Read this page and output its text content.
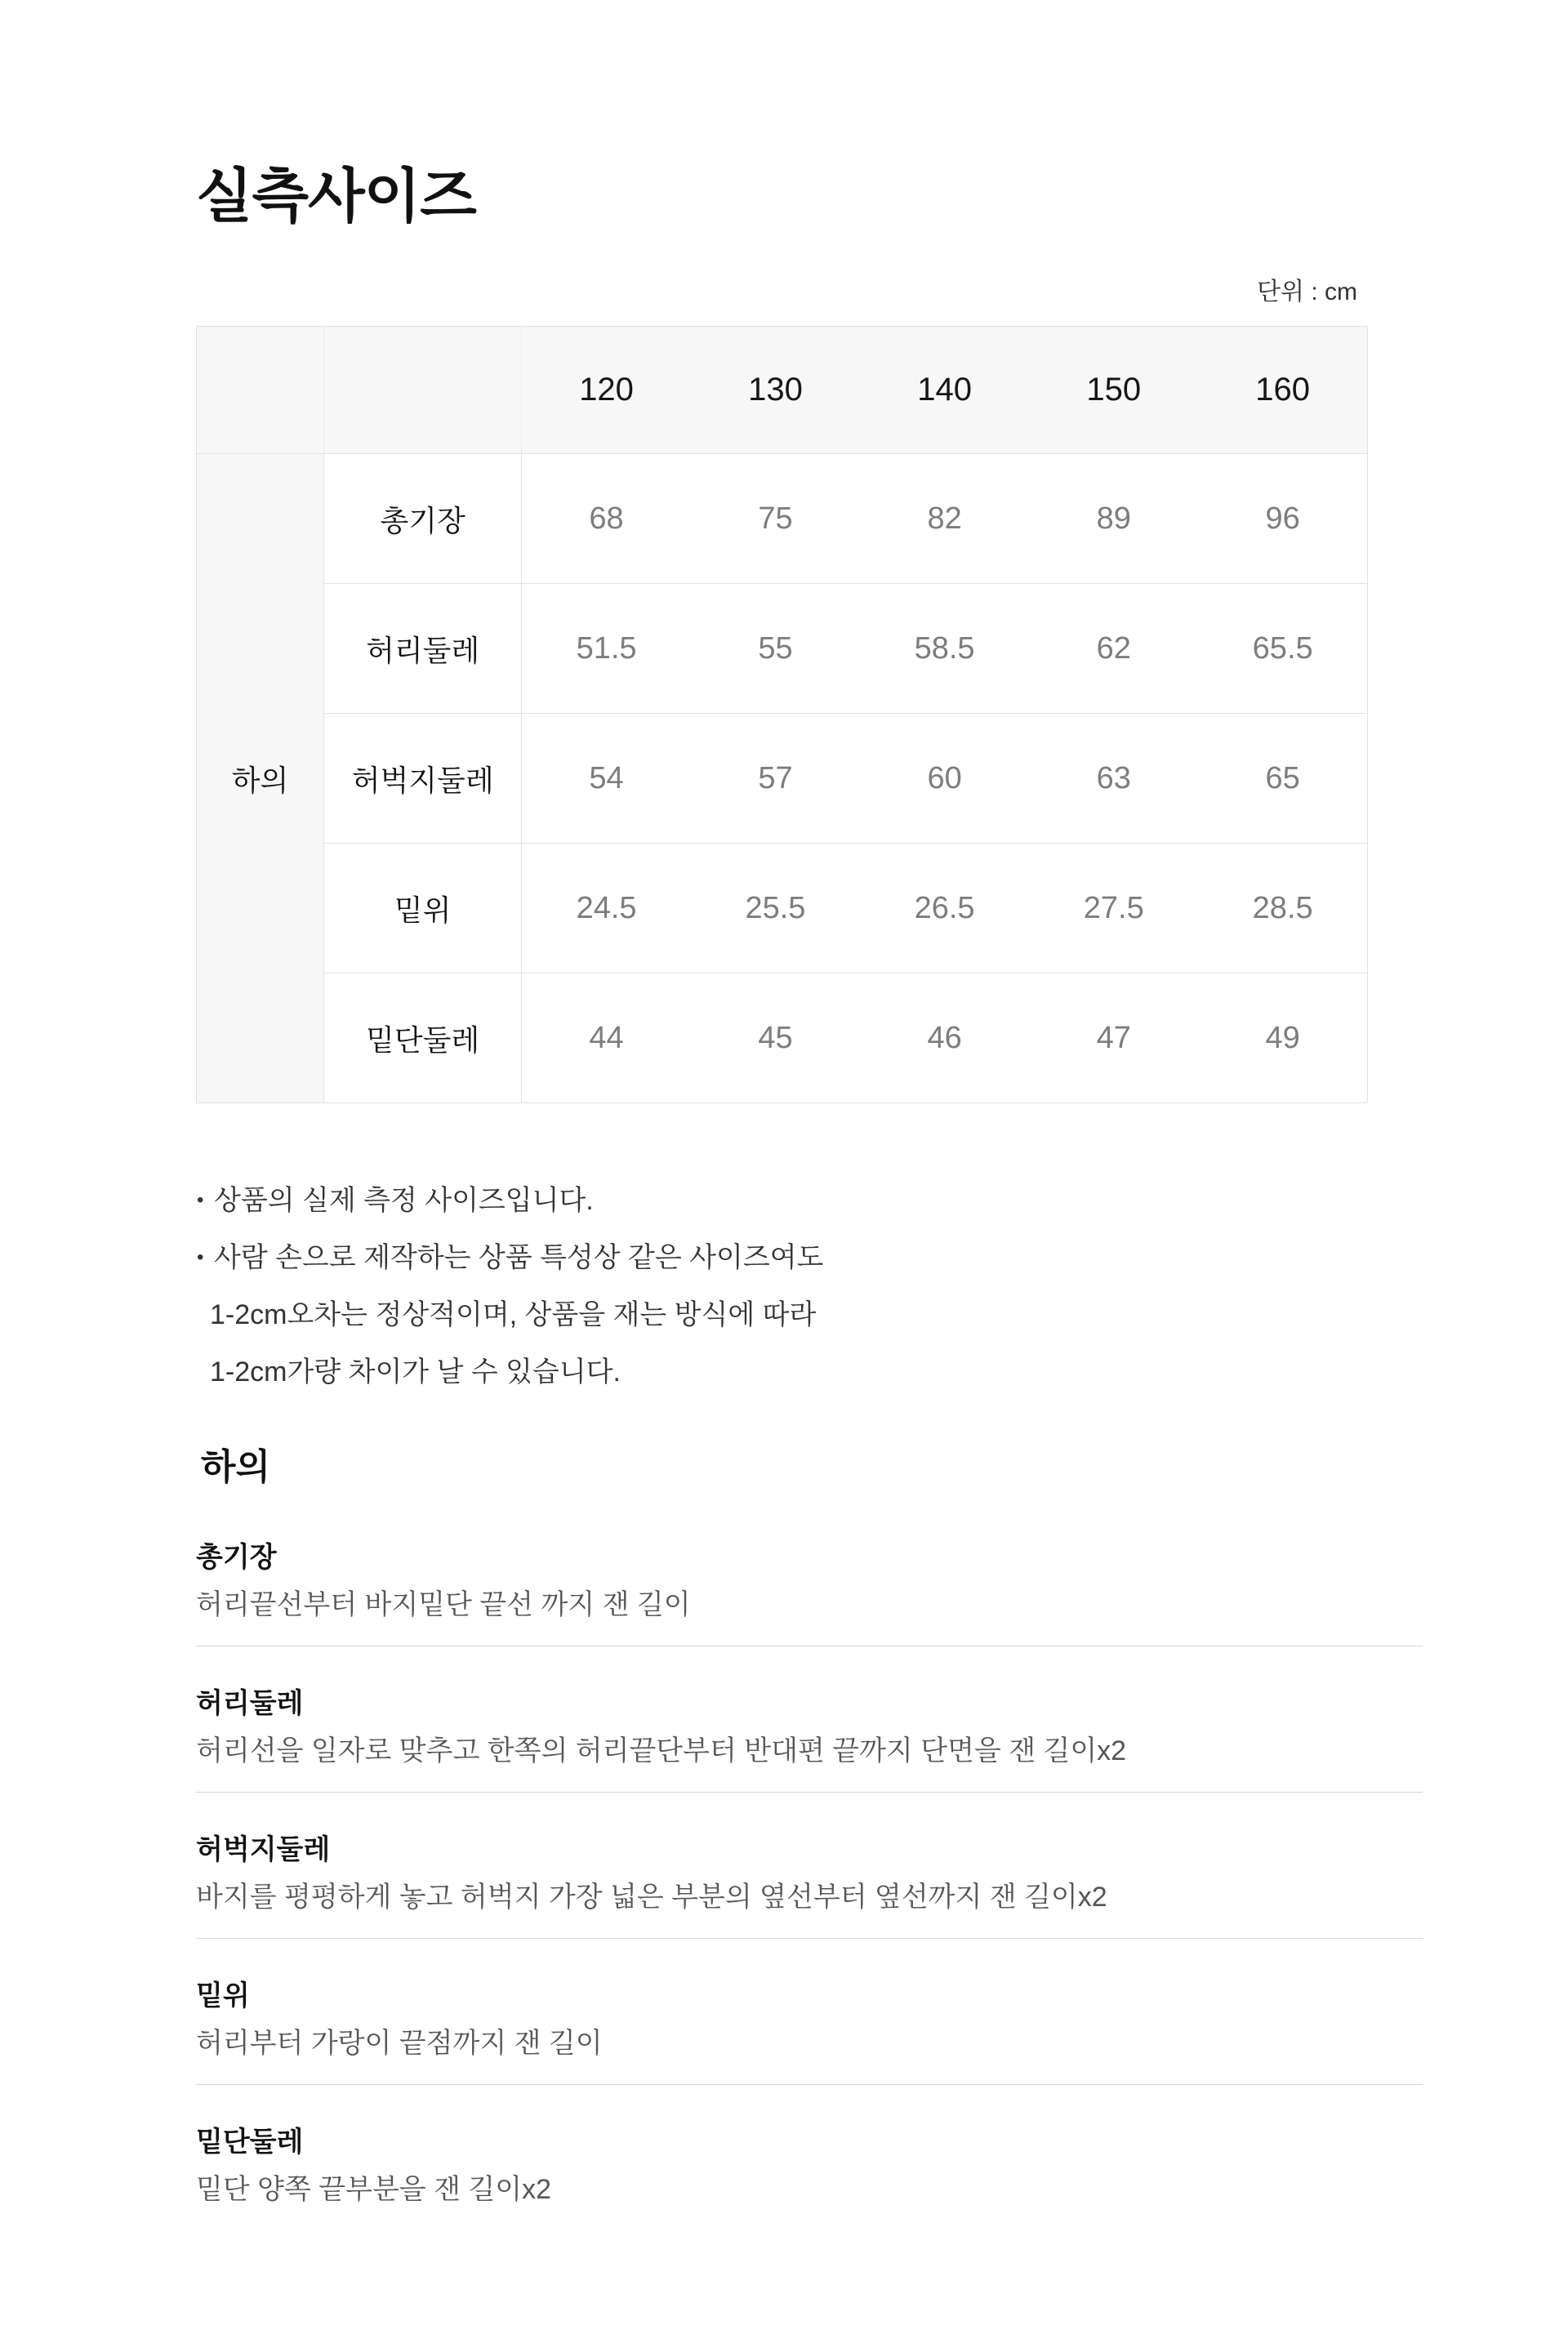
실측사이즈
단위 : cm
		120	130	140	150	160
하의	총기장	68	75	82	89	96
	허리둘레	51.5	55	58.5	62	65.5
	허벅지둘레	54	57	60	63	65
	밑위	24.5	25.5	26.5	27.5	28.5
	밑단둘레	44	45	46	47	49
• 상품의 실제 측정 사이즈입니다.
• 사람 손으로 제작하는 상품 특성상 같은 사이즈여도
1-2cm오차는 정상적이며, 상품을 재는 방식에 따라
1-2cm가량 차이가 날 수 있습니다.
하의
총기장

허리끝선부터 바지밑단 끝선 까지 잰 길이

허리둘레

허리선을 일자로 맞추고 한쪽의 허리끝단부터 반대편 끝까지 단면을 잰 길이x2

허벅지둘레

바지를 평평하게 놓고 허벅지 가장 넓은 부분의 옆선부터 옆선까지 잰 길이x2

밑위

허리부터 가랑이 끝점까지 잰 길이

밑단둘레

밑단 양쪽 끝부분을 잰 길이x2
